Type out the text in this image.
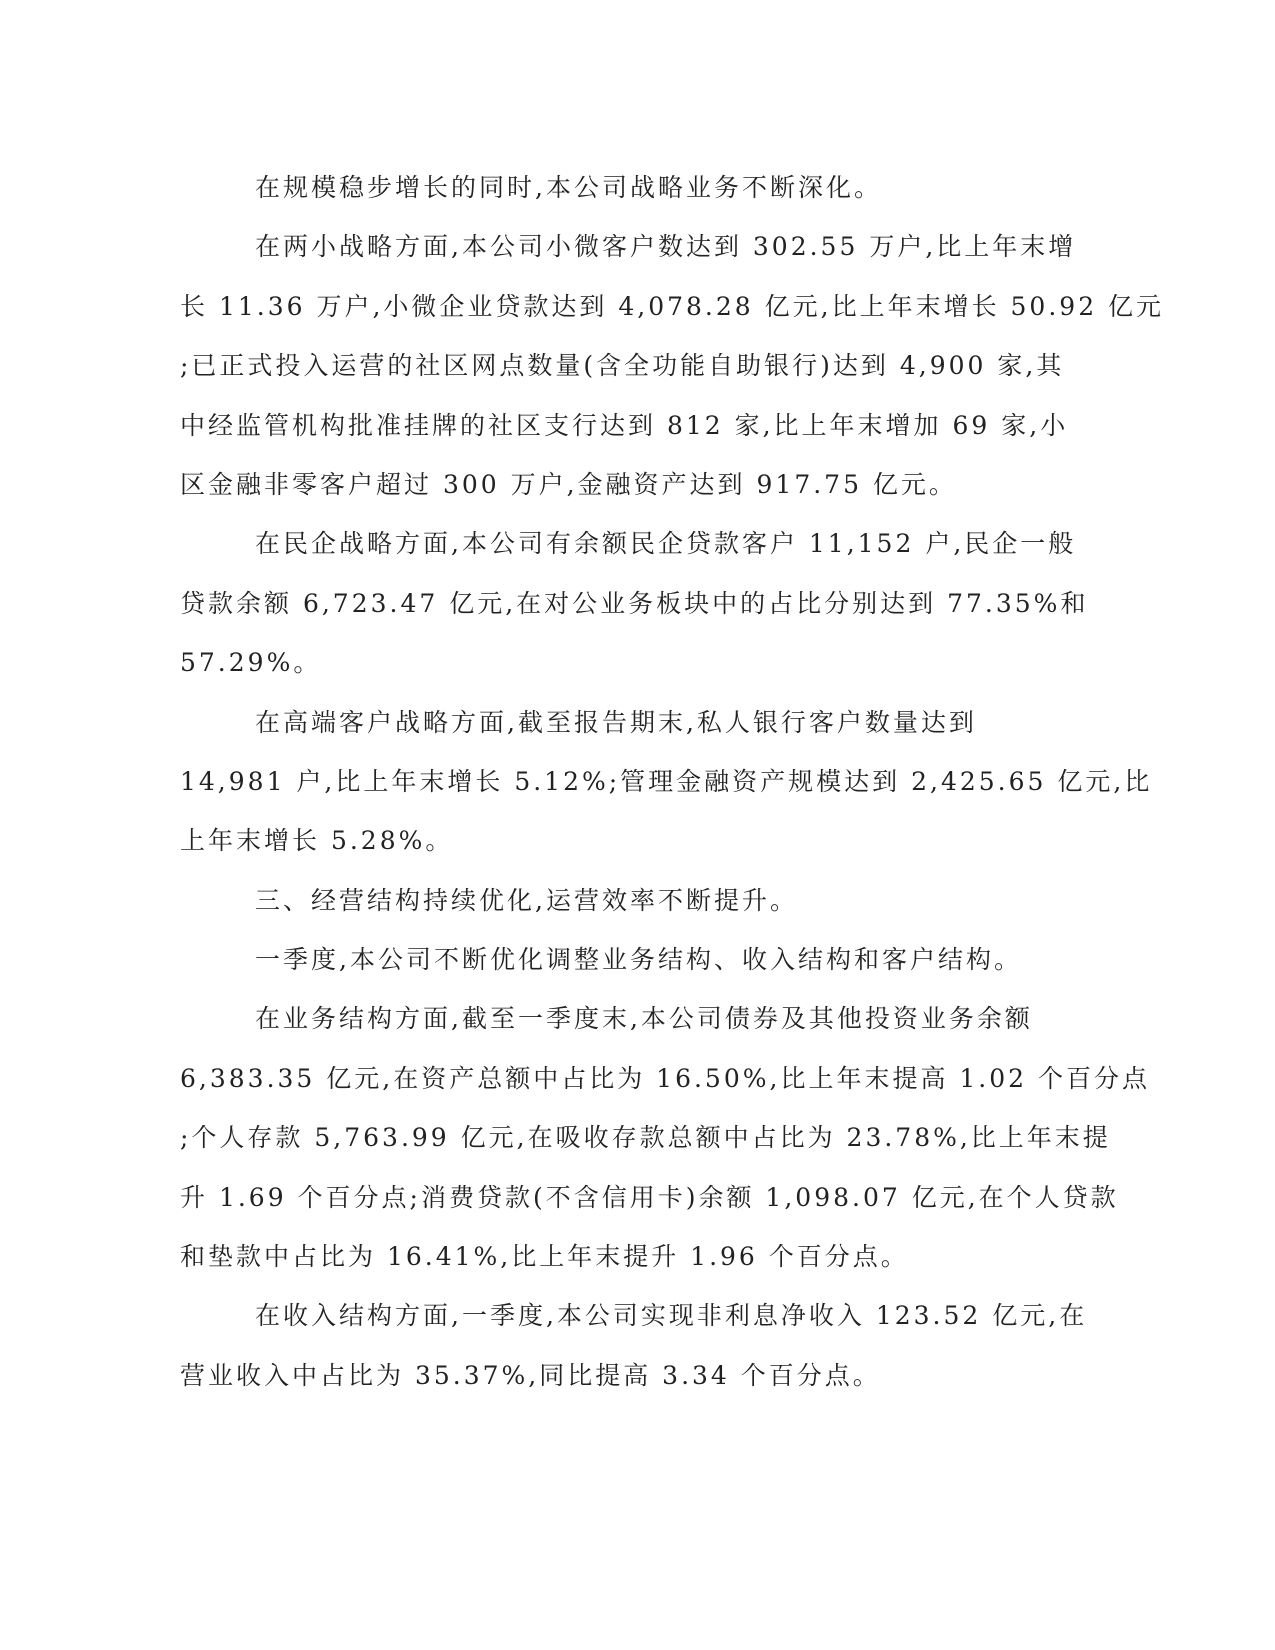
在规模稳步增长的同时,本公司战略业务不断深化。
在两小战略方面,本公司小微客户数达到 302.55 万户,比上年末增
长 11.36 万户,小微企业贷款达到 4,078.28 亿元,比上年末增长 50.92 亿元
;已正式投入运营的社区网点数量(含全功能自助银行)达到 4,900 家,其
中经监管机构批准挂牌的社区支行达到 812 家,比上年末增加 69 家,小
区金融非零客户超过 300 万户,金融资产达到 917.75 亿元。
在民企战略方面,本公司有余额民企贷款客户 11,152 户,民企一般
贷款余额 6,723.47 亿元,在对公业务板块中的占比分别达到 77.35%和
57.29%。
在高端客户战略方面,截至报告期末,私人银行客户数量达到
14,981 户,比上年末增长 5.12%;管理金融资产规模达到 2,425.65 亿元,比
上年末增长 5.28%。
三、经营结构持续优化,运营效率不断提升。
一季度,本公司不断优化调整业务结构、收入结构和客户结构。
在业务结构方面,截至一季度末,本公司债券及其他投资业务余额
6,383.35 亿元,在资产总额中占比为 16.50%,比上年末提高 1.02 个百分点
;个人存款 5,763.99 亿元,在吸收存款总额中占比为 23.78%,比上年末提
升 1.69 个百分点;消费贷款(不含信用卡)余额 1,098.07 亿元,在个人贷款
和垫款中占比为 16.41%,比上年末提升 1.96 个百分点。
在收入结构方面,一季度,本公司实现非利息净收入 123.52 亿元,在
营业收入中占比为 35.37%,同比提高 3.34 个百分点。
